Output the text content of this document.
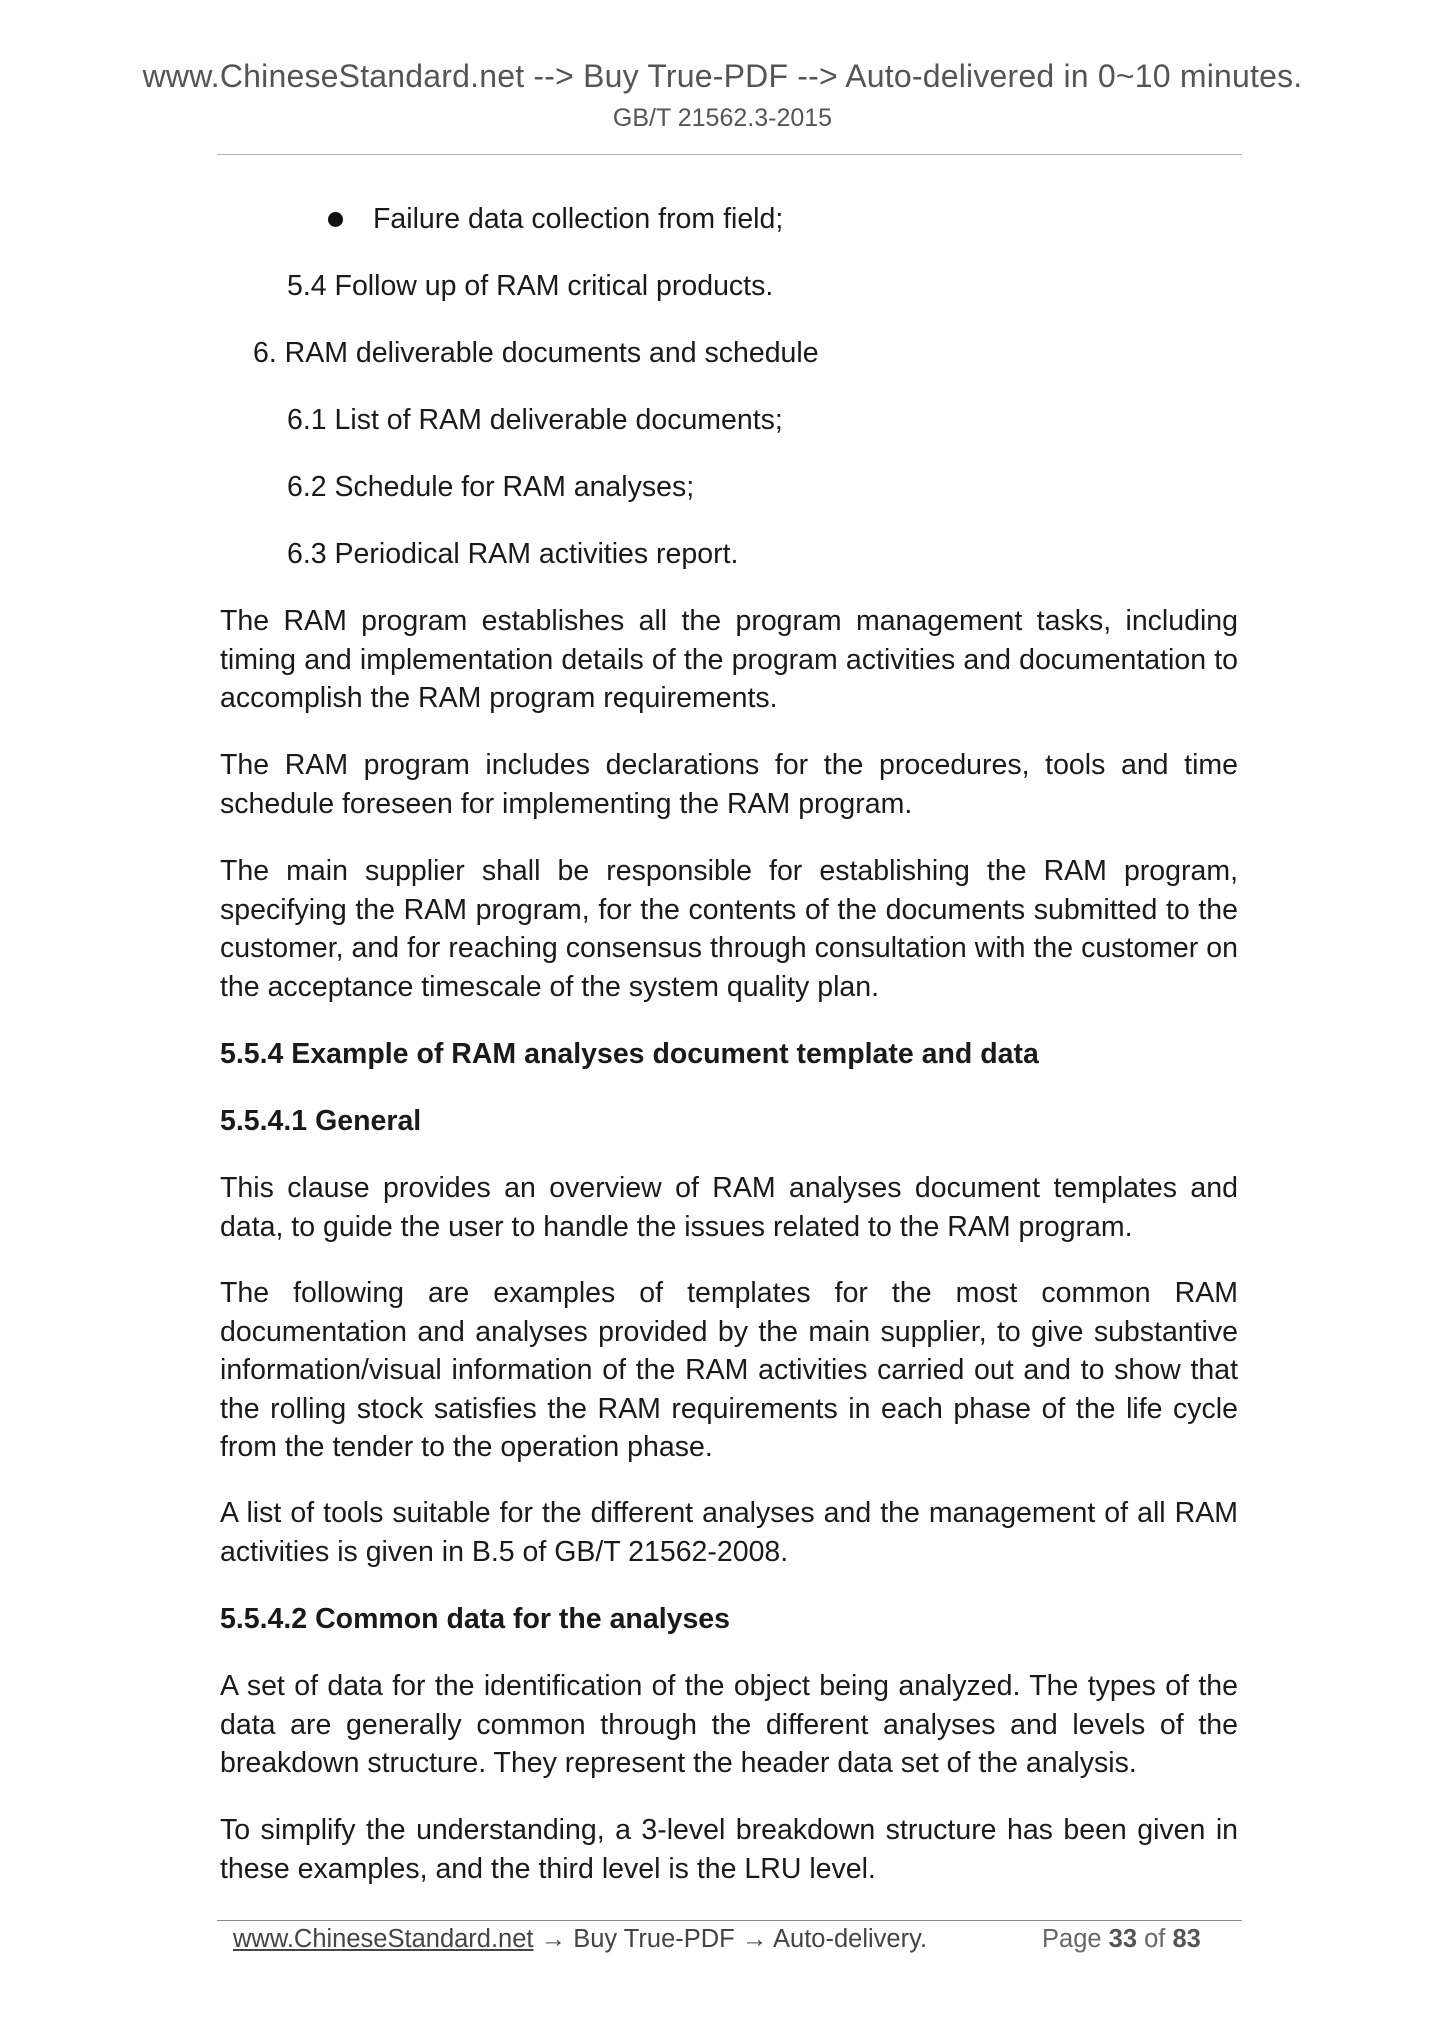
www.ChineseStandard.net --> Buy True-PDF --> Auto-delivered in 0~10 minutes.
GB/T 21562.3-2015
Failure data collection from field;
5.4 Follow up of RAM critical products.
6. RAM deliverable documents and schedule
6.1 List of RAM deliverable documents;
6.2 Schedule for RAM analyses;
6.3 Periodical RAM activities report.

The RAM program establishes all the program management tasks, including timing and implementation details of the program activities and documentation to accomplish the RAM program requirements.

The RAM program includes declarations for the procedures, tools and time schedule foreseen for implementing the RAM program.

The main supplier shall be responsible for establishing the RAM program, specifying the RAM program, for the contents of the documents submitted to the customer, and for reaching consensus through consultation with the customer on the acceptance timescale of the system quality plan.

5.5.4 Example of RAM analyses document template and data
5.5.4.1 General

This clause provides an overview of RAM analyses document templates and data, to guide the user to handle the issues related to the RAM program.

The following are examples of templates for the most common RAM documentation and analyses provided by the main supplier, to give substantive information/visual information of the RAM activities carried out and to show that the rolling stock satisfies the RAM requirements in each phase of the life cycle from the tender to the operation phase.

A list of tools suitable for the different analyses and the management of all RAM activities is given in B.5 of GB/T 21562-2008.

5.5.4.2 Common data for the analyses

A set of data for the identification of the object being analyzed. The types of the data are generally common through the different analyses and levels of the breakdown structure. They represent the header data set of the analysis.

To simplify the understanding, a 3-level breakdown structure has been given in these examples, and the third level is the LRU level.

www.ChineseStandard.net → Buy True-PDF → Auto-delivery.	Page 33 of 83
